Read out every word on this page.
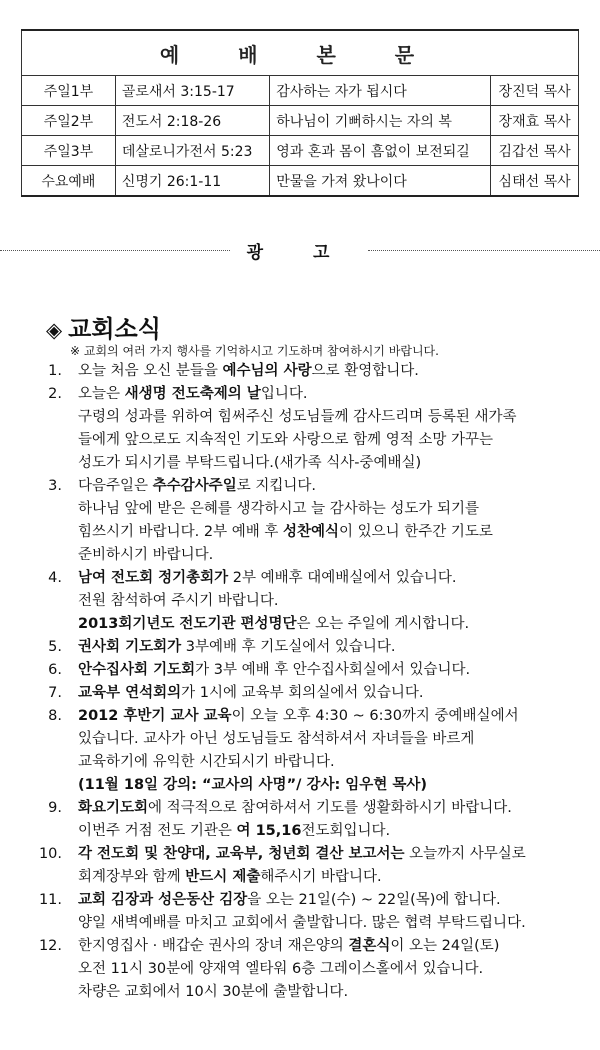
예 배 본 문			
주일1부	골로새서 3:15-17	감사하는 자가 됩시다	장진덕 목사
주일2부	전도서 2:18-26	하나님이 기뻐하시는 자의 복	장재효 목사
주일3부	데살로니가전서 5:23	영과 혼과 몸이 흠없이 보전되길	김갑선 목사
수요예배	신명기 26:1-11	만물을 가져 왔나이다	심태선 목사
광 고
◈ 교회소식
※ 교회의 여러 가지 행사를 기억하시고 기도하며 참여하시기 바랍니다.
1. 오늘 처음 오신 분들을 예수님의 사랑으로 환영합니다.
2. 오늘은 새생명 전도축제의 날입니다.
구령의 성과를 위하여 힘써주신 성도님들께 감사드리며 등록된 새가족
들에게 앞으로도 지속적인 기도와 사랑으로 함께 영적 소망 가꾸는
성도가 되시기를 부탁드립니다.(새가족 식사-중예배실)
3. 다음주일은 추수감사주일로 지킵니다.
하나님 앞에 받은 은혜를 생각하시고 늘 감사하는 성도가 되기를
힘쓰시기 바랍니다. 2부 예배 후 성찬예식이 있으니 한주간 기도로
준비하시기 바랍니다.
4. 남여 전도회 정기총회가 2부 예배후 대예배실에서 있습니다.
전원 참석하여 주시기 바랍니다.
2013회기년도 전도기관 편성명단은 오는 주일에 게시합니다.
5. 권사회 기도회가 3부예배 후 기도실에서 있습니다.
6. 안수집사회 기도회가 3부 예배 후 안수집사회실에서 있습니다.
7. 교육부 연석회의가 1시에 교육부 회의실에서 있습니다.
8. 2012 후반기 교사 교육이 오늘 오후 4:30 ~ 6:30까지 중예배실에서
있습니다. 교사가 아닌 성도님들도 참석하셔서 자녀들을 바르게
교육하기에 유익한 시간되시기 바랍니다.
(11월 18일 강의: “교사의 사명”/ 강사: 임우현 목사)
9. 화요기도회에 적극적으로 참여하셔서 기도를 생활화하시기 바랍니다.
이번주 거점 전도 기관은 여 15,16전도회입니다.
10. 각 전도회 및 찬양대, 교육부, 청년회 결산 보고서는 오늘까지 사무실로
회계장부와 함께 반드시 제출해주시기 바랍니다.
11. 교회 김장과 성은동산 김장을 오는 21일(수) ~ 22일(목)에 합니다.
양일 새벽예배를 마치고 교회에서 출발합니다. 많은 협력 부탁드립니다.
12. 한지영집사 · 배갑순 권사의 장녀 재은양의 결혼식이 오는 24일(토)
오전 11시 30분에 양재역 엘타워 6층 그레이스홀에서 있습니다.
차량은 교회에서 10시 30분에 출발합니다.
